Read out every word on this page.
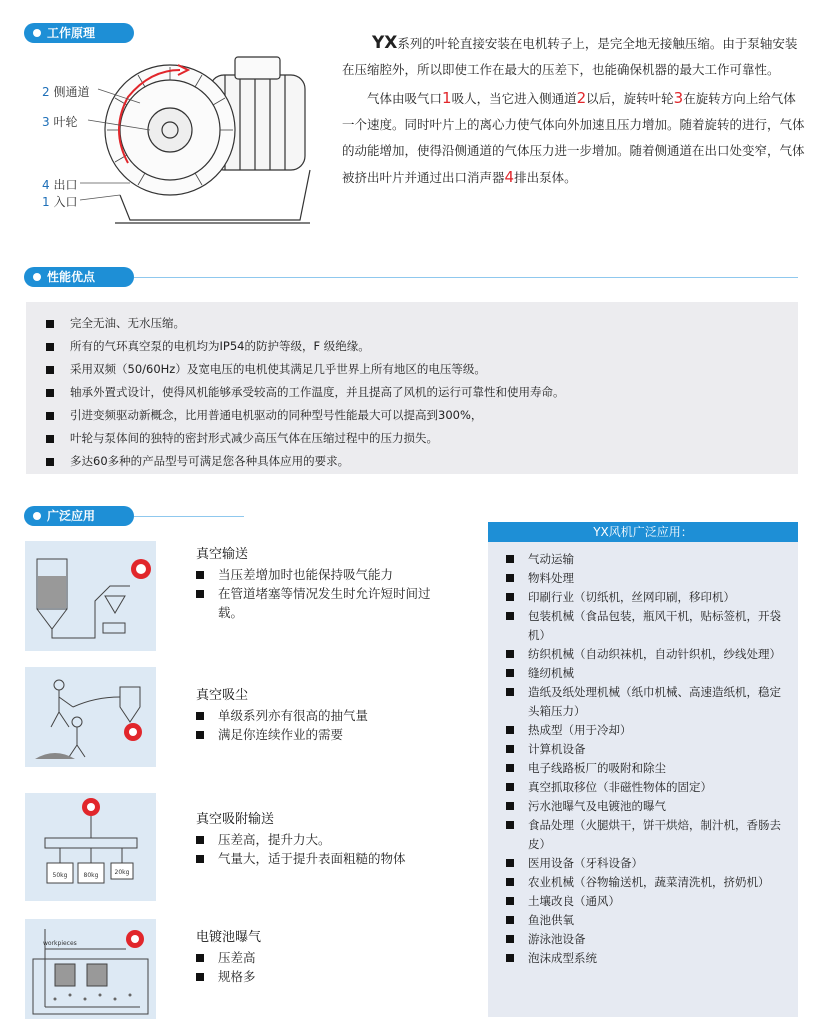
工作原理
2 侧通道
3 叶轮
4 出口
1 入口

YX系列的叶轮直接安装在电机转子上，是完全地无接触压缩。由于泵轴安装在压缩腔外，所以即使工作在最大的压差下，也能确保机器的最大工作可靠性。

气体由吸气口1吸人，当它进入侧通道2以后，旋转叶轮3在旋转方向上给气体一个速度。同时叶片上的离心力使气体向外加速且压力增加。随着旋转的进行，气体的动能增加，使得沿侧通道的气体压力进一步增加。随着侧通道在出口处变窄，气体被挤出叶片并通过出口消声器4排出泵体。

性能优点
完全无油、无水压缩。
所有的气环真空泵的电机均为IP54的防护等级，F 级绝缘。
采用双频（50/60Hz）及宽电压的电机使其满足几乎世界上所有地区的电压等级。
轴承外置式设计，使得风机能够承受较高的工作温度，并且提高了风机的运行可靠性和使用寿命。
引进变频驱动新概念，比用普通电机驱动的同种型号性能最大可以提高到300%，
叶轮与泵体间的独特的密封形式减少高压气体在压缩过程中的压力损失。
多达60多种的产品型号可满足您各种具体应用的要求。
广泛应用
真空输送
当压差增加时也能保持吸气能力
在管道堵塞等情况发生时允许短时间过载。
真空吸尘
单级系列亦有很高的抽气量
满足你连续作业的需要
50kg	80kg	20kg
真空吸附输送
压差高，提升力大。
气量大，适于提升表面粗糙的物体
workpieces	电镀池曝气
压差高
规格多
YX风机广泛应用：
气动运输
物料处理
印刷行业（切纸机，丝网印刷，移印机）
包装机械（食品包装，瓶风干机，贴标签机，开袋机）
纺织机械（自动织袜机，自动针织机，纱线处理）
缝纫机械
造纸及纸处理机械（纸巾机械、高速造纸机，稳定头箱压力）
热成型（用于冷却）
计算机设备
电子线路板厂的吸附和除尘
真空抓取移位（非磁性物体的固定）
污水池曝气及电镀池的曝气
食品处理（火腿烘干，饼干烘焙，制汁机，香肠去皮）
医用设备（牙科设备）
农业机械（谷物输送机，蔬菜清洗机，挤奶机）
土壤改良（通风）
鱼池供氧
游泳池设备
泡沫成型系统
